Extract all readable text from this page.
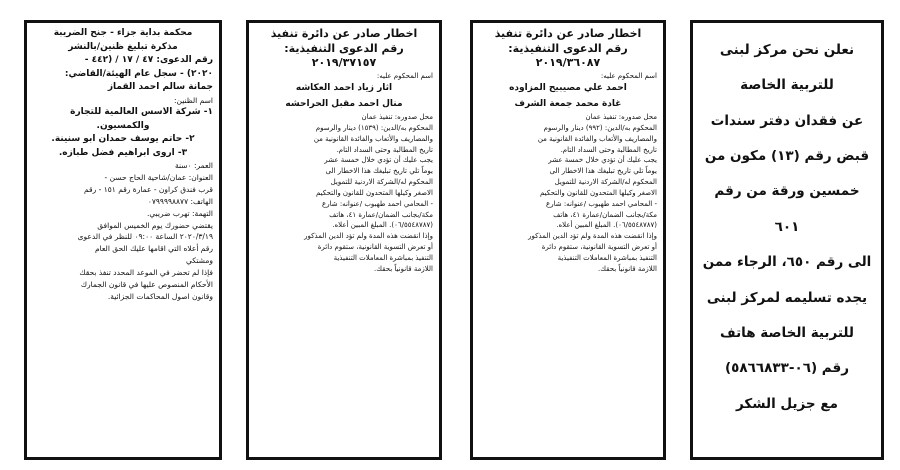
نعلن نحن مركز لبنى

للتربية الخاصة

عن فقدان دفتر سندات

قبض رقم (١٣) مكون من

خمسين ورقة من رقم ٦٠١

الى رقم ٦٥٠، الرجاء ممن

يجده تسليمه لمركز لبنى

للتربية الخاصة هاتف

رقم (٠٦-٥٨٦٦٨٣٣)

مع جزيل الشكر

اخطار صادر عن دائرة تنفيذ

رقم الدعوى التنفيذية: ٢٠١٩/٣٦٠٨٧

اسم المحكوم عليه:

احمد علي مصيبيح المزاوده

غادة محمد جمعة الشرف

محل صدوره: تنفيذ عمان

المحكوم به/الدين: (٩٩٢) دينار والرسوم

والمصاريف والأتعاب والفائدة القانونية من

تاريخ المطالبة وحتى السداد التام.

يجب عليك أن تؤدي خلال خمسة عشر

يوماً تلي تاريخ تبليغك هذا الاخطار الى

المحكوم له/الشركة الاردنية للتمويل

الاصغر وكيلها المتحدون للقانون والتحكيم

- المحامي احمد طهبوب /عنوانه: شارع

مكة/بجانب الضمان/عمارة ٤١، هاتف

(٠٦/٥٥٤٨٧٨٧). المبلغ المبين أعلاه.

وإذا انقضت هذه المدة ولم تؤد الدين المذكور

أو تعرض التسوية القانونية، ستقوم دائرة

التنفيذ بمباشرة المعاملات التنفيذية

اللازمة قانونياً بحقك.

اخطار صادر عن دائرة تنفيذ

رقم الدعوى التنفيذية: ٢٠١٩/٣٧١٥٧

اسم المحكوم عليه:

اثار زياد احمد العكاشه

منال احمد مقبل الحراحشه

محل صدوره: تنفيذ عمان

المحكوم به/الدين: (١٥٣٩) دينار والرسوم

والمصاريف والأتعاب والفائدة القانونية من

تاريخ المطالبة وحتى السداد التام.

يجب عليك أن تؤدي خلال خمسة عشر

يوماً تلي تاريخ تبليغك هذا الاخطار الى

المحكوم له/الشركة الاردنية للتمويل

الاصغر وكيلها المتحدون للقانون والتحكيم

- المحامي احمد طهبوب /عنوانه: شارع

مكة/بجانب الضمان/عمارة ٤١، هاتف

(٠٦/٥٥٤٨٧٨٧). المبلغ المبين أعلاه.

وإذا انقضت هذه المدة ولم تؤد الدين المذكور

أو تعرض التسوية القانونية، ستقوم دائرة

التنفيذ بمباشرة المعاملات التنفيذية

اللازمة قانونياً بحقك.

محكمة بداية جزاء - جنح الضريبة

مذكرة تبليغ ظنين/بالنشر

رقم الدعوى: ٤٧ / ١٧ / (٤٤٢ -

٢٠٢٠) - سجل عام الهيئة/القاضي:

جمانة سالم احمد القماز

اسم الظنين:

١- شركة الاسس العالمية للتجارة

والكمسيون.

٢- حاتم يوسف حمدان ابو سنينة.

٣- اروى ابراهيم فضل طبازه.

العمر: ٠سنة

العنوان: عمان/شاحية الحاج حسن -

قرب فندق كراون - عمارة رقم ١٥١ - رقم

الهاتف: ٠٧٩٩٩٩٨٨٧٧

التهمة: تهرب ضريبي.

يقتضي حضورك يوم الخميس الموافق

٢٠٢٠/٣/١٩ الساعة ٠٩:٠٠ للنظر في الدعوى

رقم أعلاه التي اقامها عليك الحق العام

ومشتكي

فإذا لم تحضر في الموعد المحدد تنفذ بحقك

الأحكام المنصوص عليها في قانون الجمارك

وقانون اصول المحاكمات الجزائية.
